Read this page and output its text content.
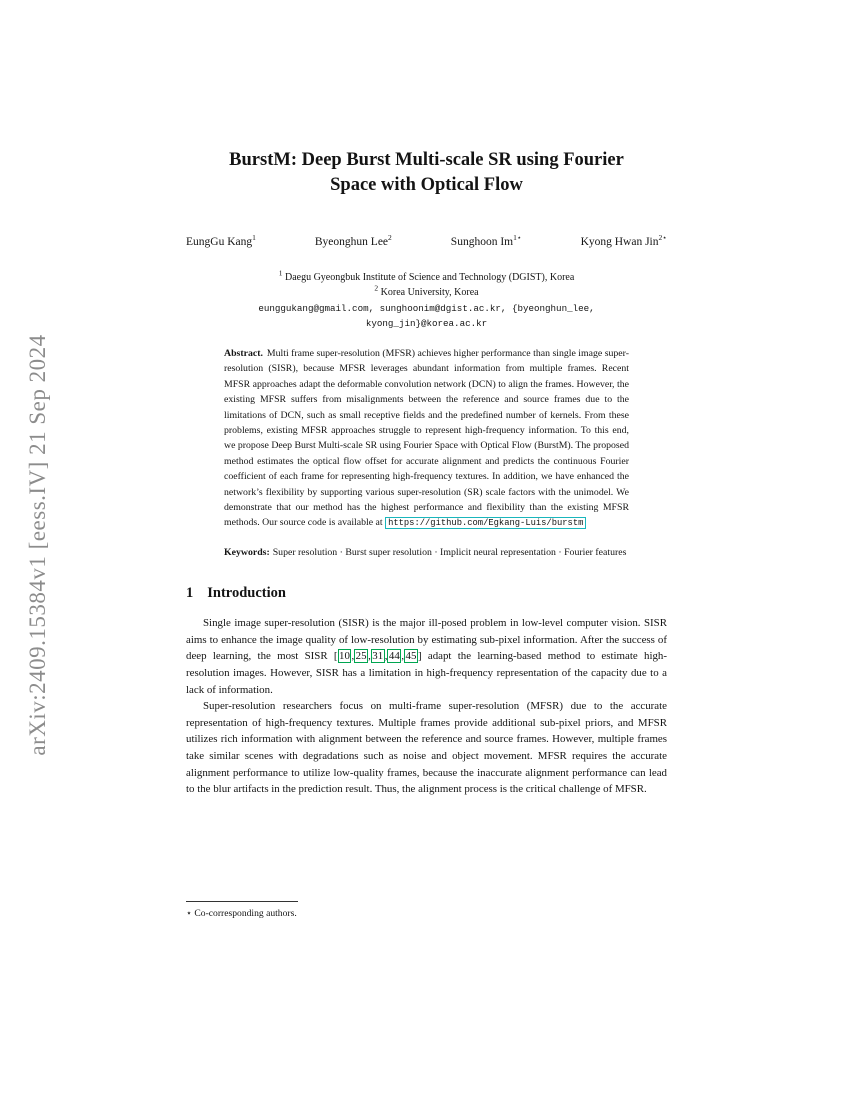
arXiv:2409.15384v1 [eess.IV] 21 Sep 2024
BurstM: Deep Burst Multi-scale SR using Fourier
Space with Optical Flow
EungGu Kang$^1$	Byeonghun Lee$^2$	Sunghoon $Im^{1⋆}$	Kyong Hwan Jin$^{2⋆}$
$^1$ Daegu Gyeongbuk Institute of Science and Technology (DGIST), Korea
$^2$ Korea University, Korea
eunggukang@gmail.com, sunghoonim@dgist.ac.kr, {byeonghun_lee,
kyong_jin}@korea.ac.kr

Abstract. Multi frame super-resolution (MFSR) achieves higher performance than single image super-resolution (SISR), because MFSR leverages abundant information from multiple frames. Recent MFSR approaches adapt the deformable convolution network (DCN) to align the frames. However, the existing MFSR suffers from misalignments between the reference and source frames due to the limitations of DCN, such as small receptive fields and the predefined number of kernels. From these problems, existing MFSR approaches struggle to represent high-frequency information. To this end, we propose Deep Burst Multi-scale SR using Fourier Space with Optical Flow (BurstM). The proposed method estimates the optical flow offset for accurate alignment and predicts the continuous Fourier coefficient of each frame for representing high-frequency textures. In addition, we have enhanced the network’s flexibility by supporting various super-resolution (SR) scale factors with the unimodel. We demonstrate that our method has the highest performance and flexibility than the existing MFSR methods. Our source code is available at https://github.com/Egkang-Luis/burstm

Keywords: Super resolution · Burst super resolution · Implicit neural representation · Fourier features

1 Introduction

Single image super-resolution (SISR) is the major ill-posed problem in low-level computer vision. SISR aims to enhance the image quality of low-resolution by estimating sub-pixel information. After the success of deep learning, the most SISR [ 10 , 25 , 31 , 44 , 45 ] adapt the learning-based method to estimate high-resolution images. However, SISR has a limitation in high-frequency representation of the capacity due to a lack of information.

Super-resolution researchers focus on multi-frame super-resolution (MFSR) due to the accurate representation of high-frequency textures. Multiple frames provide additional sub-pixel priors, and MFSR utilizes rich information with alignment between the reference and source frames. However, multiple frames take similar scenes with degradations such as noise and object movement. MFSR requires the accurate alignment performance to utilize low-quality frames, because the inaccurate alignment performance can lead to the blur artifacts in the prediction result. Thus, the alignment process is the critical challenge of MFSR.

⋆ Co-corresponding authors.
